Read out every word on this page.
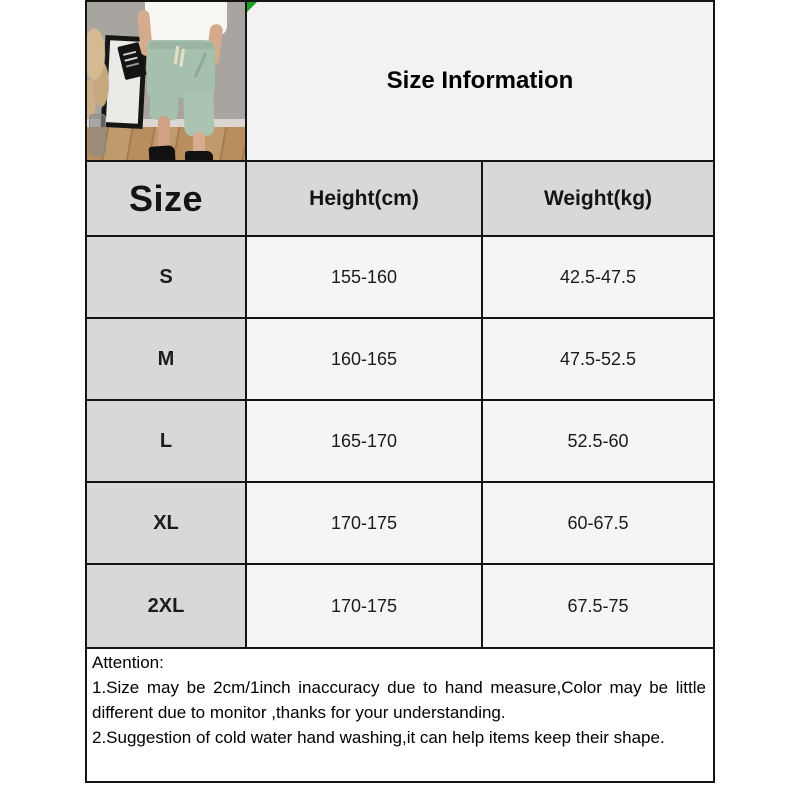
Size Information
Size	Height(cm)	Weight(kg)
S	155-160	42.5-47.5
M	160-165	47.5-52.5
L	165-170	52.5-60
XL	170-175	60-67.5
2XL	170-175	67.5-75
Attention:
1.Size may be 2cm/1inch inaccuracy due to hand measure,Color may be little different due to monitor ,thanks for your understanding.
2.Suggestion of cold water hand washing,it can help items keep their shape.
